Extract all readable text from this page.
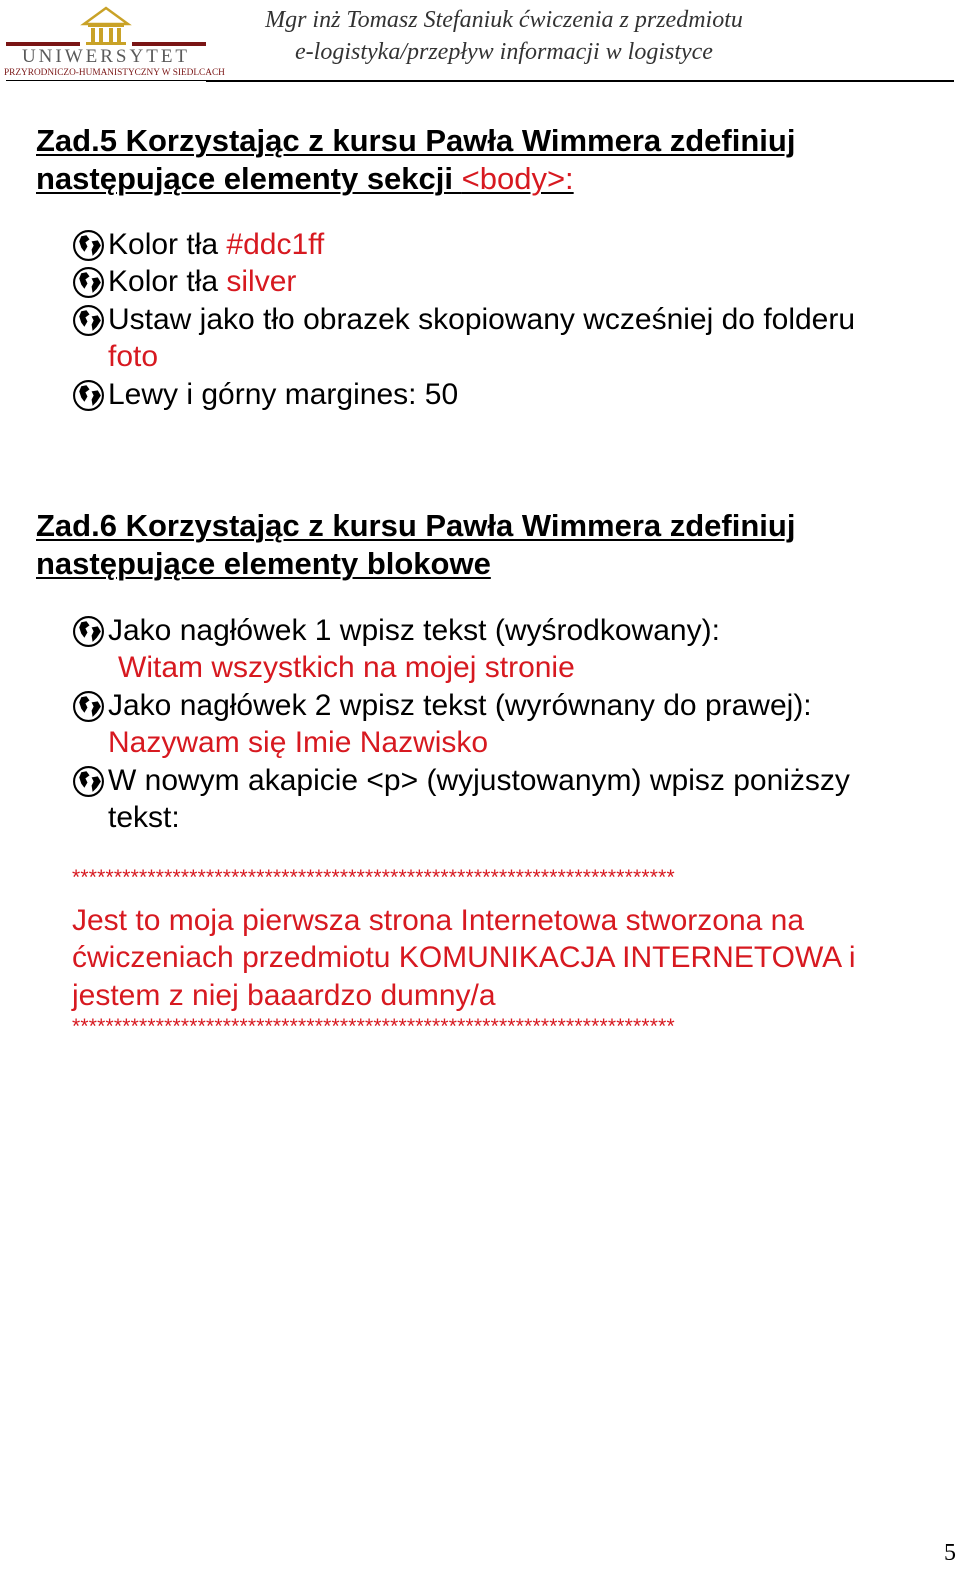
UNIWERSYTET
PRZYRODNICZO-HUMANISTYCZNY W SIEDLCACH
Mgr inż Tomasz Stefaniuk ćwiczenia z przedmiotu
e-logistyka/przepływ informacji w logistyce
Zad.5 Korzystając z kursu Pawła Wimmera zdefiniuj
następujące elementy sekcji <body>:
Kolor tła #ddc1ff
Kolor tła silver
Ustaw jako tło obrazek skopiowany wcześniej do folderu
foto
Lewy i górny margines: 50
Zad.6 Korzystając z kursu Pawła Wimmera zdefiniuj
następujące elementy blokowe
Jako nagłówek 1 wpisz tekst (wyśrodkowany):
Witam wszystkich na mojej stronie
Jako nagłówek 2 wpisz tekst (wyrównany do prawej):
Nazywam się Imie Nazwisko
W nowym akapicie <p> (wyjustowanym) wpisz poniższy
tekst:
************************************************************************
Jest to moja pierwsza strona Internetowa stworzona na
ćwiczeniach przedmiotu KOMUNIKACJA INTERNETOWA i
jestem z niej baaardzo dumny/a
************************************************************************
5
